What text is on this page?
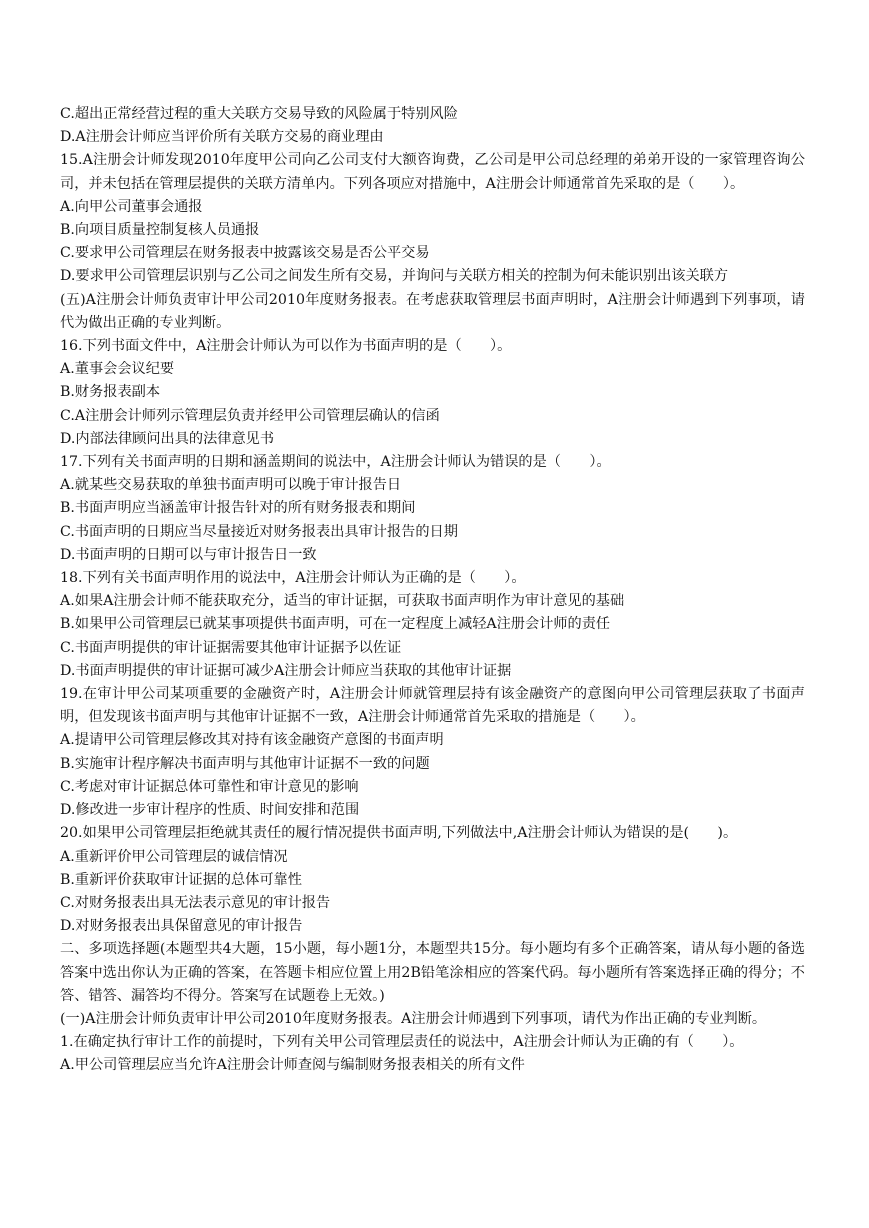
C.超出正常经营过程的重大关联方交易导致的风险属于特别风险
D.A注册会计师应当评价所有关联方交易的商业理由
15.A注册会计师发现2010年度甲公司向乙公司支付大额咨询费，乙公司是甲公司总经理的弟弟开设的一家管理咨询公司，并未包括在管理层提供的关联方清单内。下列各项应对措施中，A注册会计师通常首先采取的是（　　）。
A.向甲公司董事会通报
B.向项目质量控制复核人员通报
C.要求甲公司管理层在财务报表中披露该交易是否公平交易
D.要求甲公司管理层识别与乙公司之间发生所有交易，并询问与关联方相关的控制为何未能识别出该关联方
(五)A注册会计师负责审计甲公司2010年度财务报表。在考虑获取管理层书面声明时，A注册会计师遇到下列事项，请代为做出正确的专业判断。
16.下列书面文件中，A注册会计师认为可以作为书面声明的是（　　）。
A.董事会会议纪要
B.财务报表副本
C.A注册会计师列示管理层负责并经甲公司管理层确认的信函
D.内部法律顾问出具的法律意见书
17.下列有关书面声明的日期和涵盖期间的说法中，A注册会计师认为错误的是（　　）。
A.就某些交易获取的单独书面声明可以晚于审计报告日
B.书面声明应当涵盖审计报告针对的所有财务报表和期间
C.书面声明的日期应当尽量接近对财务报表出具审计报告的日期
D.书面声明的日期可以与审计报告日一致
18.下列有关书面声明作用的说法中，A注册会计师认为正确的是（　　）。
A.如果A注册会计师不能获取充分，适当的审计证据，可获取书面声明作为审计意见的基础
B.如果甲公司管理层已就某事项提供书面声明，可在一定程度上减轻A注册会计师的责任
C.书面声明提供的审计证据需要其他审计证据予以佐证
D.书面声明提供的审计证据可减少A注册会计师应当获取的其他审计证据
19.在审计甲公司某项重要的金融资产时，A注册会计师就管理层持有该金融资产的意图向甲公司管理层获取了书面声明，但发现该书面声明与其他审计证据不一致，A注册会计师通常首先采取的措施是（　　）。
A.提请甲公司管理层修改其对持有该金融资产意图的书面声明
B.实施审计程序解决书面声明与其他审计证据不一致的问题
C.考虑对审计证据总体可靠性和审计意见的影响
D.修改进一步审计程序的性质、时间安排和范围
20.如果甲公司管理层拒绝就其责任的履行情况提供书面声明,下列做法中,A注册会计师认为错误的是(　　)。
A.重新评价甲公司管理层的诚信情况
B.重新评价获取审计证据的总体可靠性
C.对财务报表出具无法表示意见的审计报告
D.对财务报表出具保留意见的审计报告
二、多项选择题(本题型共4大题，15小题，每小题1分，本题型共15分。每小题均有多个正确答案，请从每小题的备选答案中选出你认为正确的答案，在答题卡相应位置上用2B铅笔涂相应的答案代码。每小题所有答案选择正确的得分；不答、错答、漏答均不得分。答案写在试题卷上无效。)
(一)A注册会计师负责审计甲公司2010年度财务报表。A注册会计师遇到下列事项，请代为作出正确的专业判断。
1.在确定执行审计工作的前提时，下列有关甲公司管理层责任的说法中，A注册会计师认为正确的有（　　）。
A.甲公司管理层应当允许A注册会计师查阅与编制财务报表相关的所有文件
